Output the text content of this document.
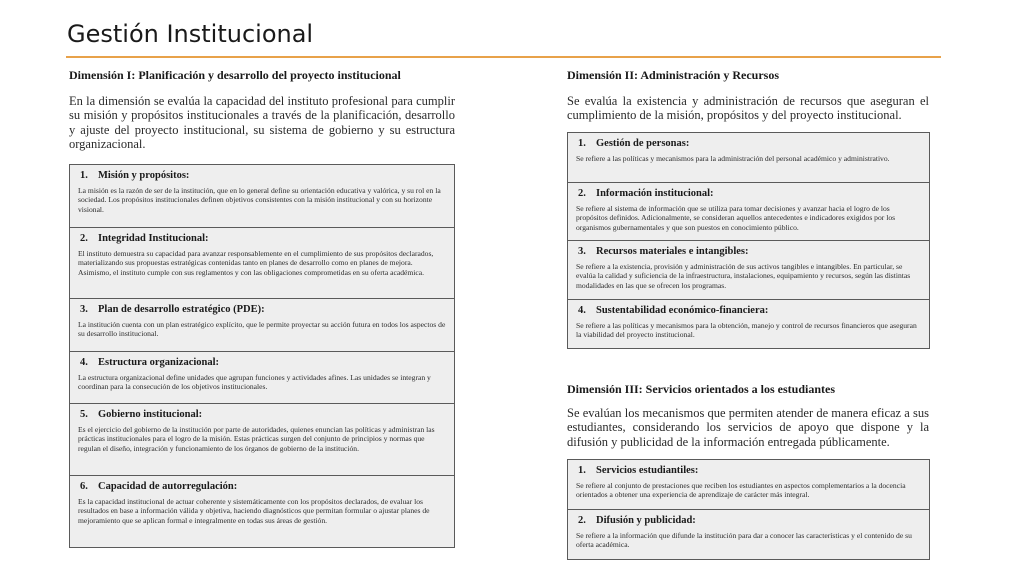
Gestión Institucional
Dimensión I: Planificación y desarrollo del proyecto institucional

En la dimensión se evalúa la capacidad del instituto profesional para cumplir su misión y propósitos institucionales a través de la planificación, desarrollo y ajuste del proyecto institucional, su sistema de gobierno y su estructura organizacional.

1. Misión y propósitos:
La misión es la razón de ser de la institución, que en lo general define su orientación educativa y valórica, y su rol en la sociedad. Los propósitos institucionales definen objetivos consistentes con la misión institucional y con su horizonte visional.
2. Integridad Institucional:
El instituto demuestra su capacidad para avanzar responsablemente en el cumplimiento de sus propósitos declarados, materializando sus propuestas estratégicas contenidas tanto en planes de desarrollo como en planes de mejora. Asimismo, el instituto cumple con sus reglamentos y con las obligaciones comprometidas en su oferta académica.
3. Plan de desarrollo estratégico (PDE):
La institución cuenta con un plan estratégico explícito, que le permite proyectar su acción futura en todos los aspectos de su desarrollo institucional.
4. Estructura organizacional:
La estructura organizacional define unidades que agrupan funciones y actividades afines. Las unidades se integran y coordinan para la consecución de los objetivos institucionales.
5. Gobierno institucional:
Es el ejercicio del gobierno de la institución por parte de autoridades, quienes enuncian las políticas y administran las prácticas institucionales para el logro de la misión. Estas prácticas surgen del conjunto de principios y normas que regulan el diseño, integración y funcionamiento de los órganos de gobierno de la institución.
6. Capacidad de autorregulación:
Es la capacidad institucional de actuar coherente y sistemáticamente con los propósitos declarados, de evaluar los resultados en base a información válida y objetiva, haciendo diagnósticos que permitan formular o ajustar planes de mejoramiento que se aplican formal e integralmente en todas sus áreas de gestión.
Dimensión II: Administración y Recursos

Se evalúa la existencia y administración de recursos que aseguran el cumplimiento de la misión, propósitos y del proyecto institucional.

1. Gestión de personas:
Se refiere a las políticas y mecanismos para la administración del personal académico y administrativo.
2. Información institucional:
Se refiere al sistema de información que se utiliza para tomar decisiones y avanzar hacia el logro de los propósitos definidos. Adicionalmente, se consideran aquellos antecedentes e indicadores exigidos por los organismos gubernamentales y que son puestos en conocimiento público.
3. Recursos materiales e intangibles:
Se refiere a la existencia, provisión y administración de sus activos tangibles e intangibles. En particular, se evalúa la calidad y suficiencia de la infraestructura, instalaciones, equipamiento y recursos, según las distintas modalidades en las que se ofrecen los programas.
4. Sustentabilidad económico-financiera:
Se refiere a las políticas y mecanismos para la obtención, manejo y control de recursos financieros que aseguran la viabilidad del proyecto institucional.
Dimensión III: Servicios orientados a los estudiantes

Se evalúan los mecanismos que permiten atender de manera eficaz a sus estudiantes, considerando los servicios de apoyo que dispone y la difusión y publicidad de la información entregada públicamente.

1. Servicios estudiantiles:
Se refiere al conjunto de prestaciones que reciben los estudiantes en aspectos complementarios a la docencia orientados a obtener una experiencia de aprendizaje de carácter más integral.
2. Difusión y publicidad:
Se refiere a la información que difunde la institución para dar a conocer las características y el contenido de su oferta académica.
